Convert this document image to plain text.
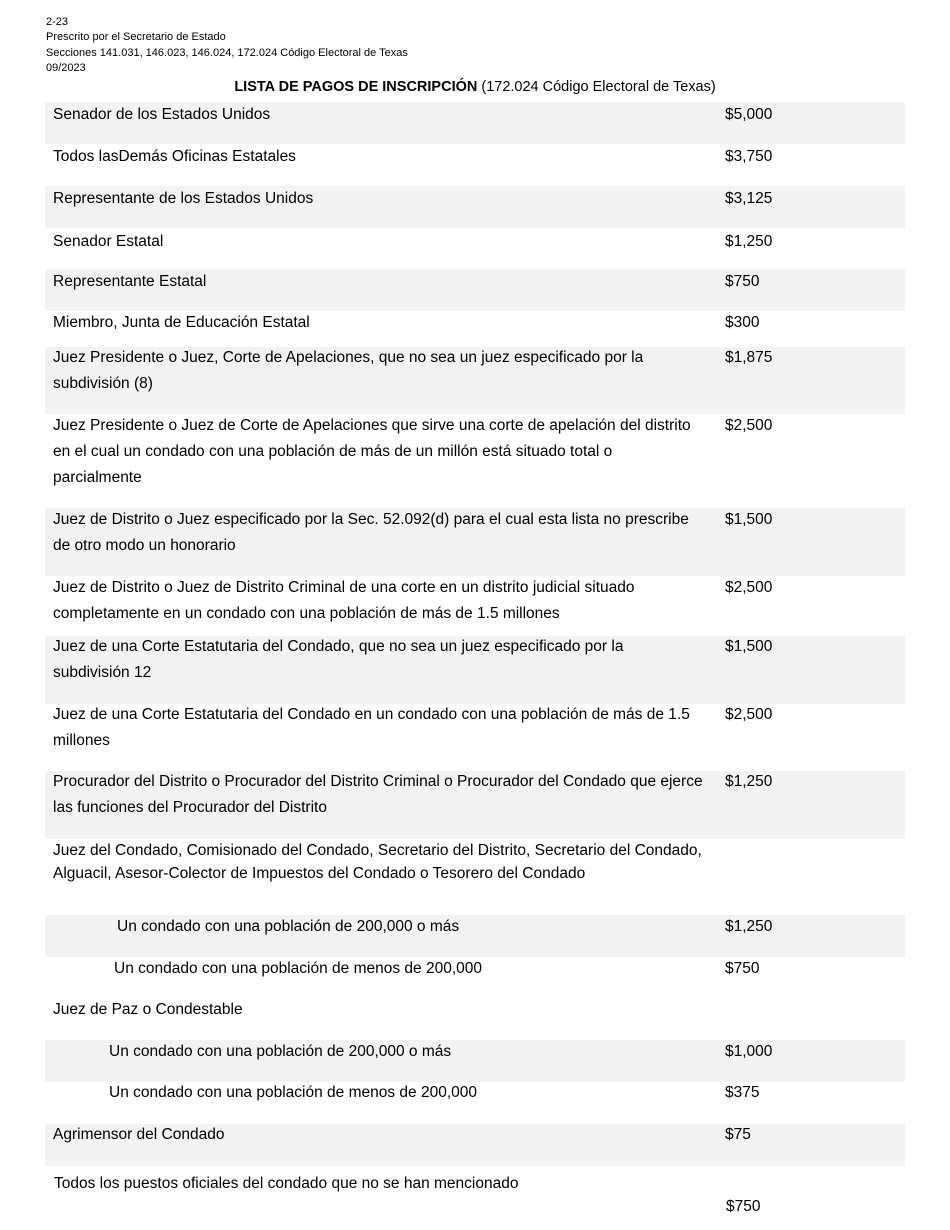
2-23
Prescrito por el Secretario de Estado
Secciones 141.031, 146.023, 146.024, 172.024 Código Electoral de Texas
09/2023
LISTA DE PAGOS DE INSCRIPCIÓN (172.024 Código Electoral de Texas)
Senador de los Estados Unidos	$5,000
Todos lasDemás Oficinas Estatales	$3,750
Representante de los Estados Unidos	$3,125
Senador Estatal	$1,250
Representante Estatal	$750
Miembro, Junta de Educación Estatal	$300
Juez Presidente o Juez, Corte de Apelaciones, que no sea un juez especificado por la subdivisión (8)
$1,875
Juez Presidente o Juez de Corte de Apelaciones que sirve una corte de apelación del distrito en el cual un condado con una población de más de un millón está situado total o parcialmente
$2,500
Juez de Distrito o Juez especificado por la Sec. 52.092(d) para el cual esta lista no prescribe de otro modo un honorario
$1,500
Juez de Distrito o Juez de Distrito Criminal de una corte en un distrito judicial situado completamente en un condado con una población de más de 1.5 millones
$2,500
Juez de una Corte Estatutaria del Condado, que no sea un juez especificado por la subdivisión 12
$1,500
Juez de una Corte Estatutaria del Condado en un condado con una población de más de 1.5 millones
$2,500
Procurador del Distrito o Procurador del Distrito Criminal o Procurador del Condado que ejerce las funciones del Procurador del Distrito
$1,250
Juez del Condado, Comisionado del Condado, Secretario del Distrito, Secretario del Condado, Alguacil, Asesor-Colector de Impuestos del Condado o Tesorero del Condado
Un condado con una población de 200,000 o más	$1,250
Un condado con una población de menos de 200,000	$750
Juez de Paz o Condestable
Un condado con una población de 200,000 o más	$1,000
Un condado con una población de menos de 200,000	$375
Agrimensor del Condado	$75
Todos los puestos oficiales del condado que no se han mencionado
$750
